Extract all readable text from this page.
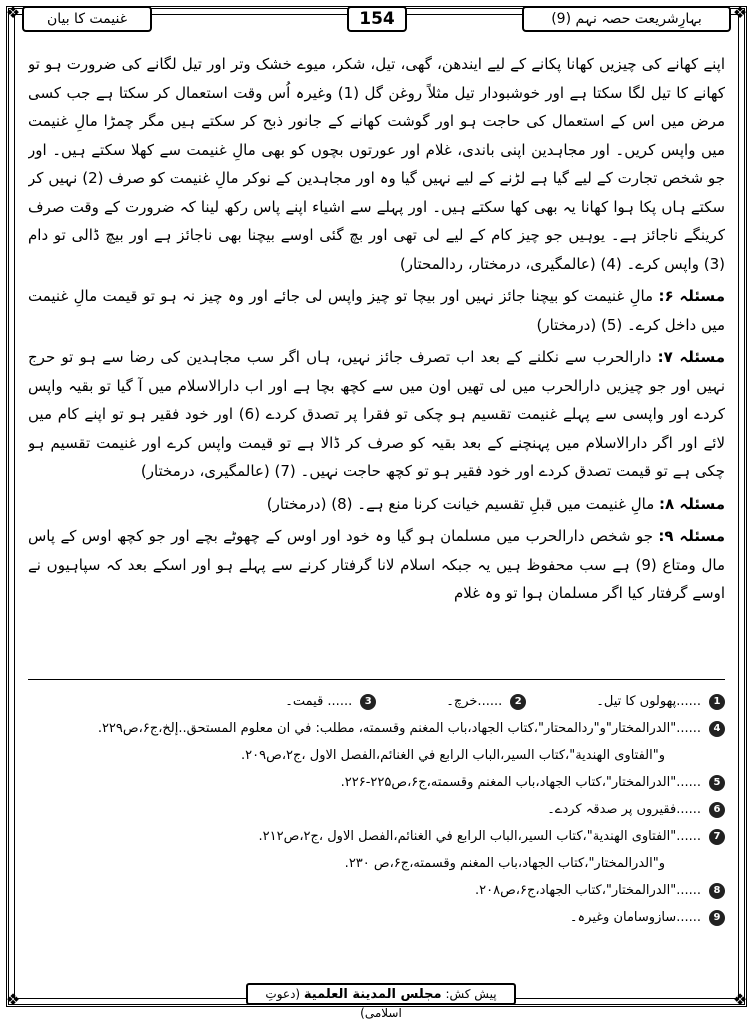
❖	❖
❖	❖
بہارِشریعت حصہ نہم (9)
154
غنیمت کا بیان

اپنے کھانے کی چیزیں کھانا پکانے کے لیے ایندھن، گھی، تیل، شکر، میوے خشک وتر اور تیل لگانے کی ضرورت ہو تو کھانے کا تیل لگا سکتا ہے اور خوشبودار تیل مثلاً روغن گل (1) وغیرہ اُس وقت استعمال کر سکتا ہے جب کسی مرض میں اس کے استعمال کی حاجت ہو اور گوشت کھانے کے جانور ذبح کر سکتے ہیں مگر چمڑا مالِ غنیمت میں واپس کریں۔ اور مجاہدین اپنی باندی، غلام اور عورتوں بچوں کو بھی مالِ غنیمت سے کھلا سکتے ہیں۔ اور جو شخص تجارت کے لیے گیا ہے لڑنے کے لیے نہیں گیا وہ اور مجاہدین کے نوکر مالِ غنیمت کو صرف (2) نہیں کر سکتے ہاں پکا ہوا کھانا یہ بھی کھا سکتے ہیں۔ اور پہلے سے اشیاء اپنے پاس رکھ لینا کہ ضرورت کے وقت صرف کرینگے ناجائز ہے۔ یوہیں جو چیز کام کے لیے لی تھی اور بچ گئی اوسے بیچنا بھی ناجائز ہے اور بیچ ڈالی تو دام (3) واپس کرے۔ (4) (عالمگیری، درمختار، ردالمحتار)

مسئلہ ۶: مالِ غنیمت کو بیچنا جائز نہیں اور بیچا تو چیز واپس لی جائے اور وہ چیز نہ ہو تو قیمت مالِ غنیمت میں داخل کرے۔ (5) (درمختار)

مسئلہ ۷: دارالحرب سے نکلنے کے بعد اب تصرف جائز نہیں، ہاں اگر سب مجاہدین کی رضا سے ہو تو حرج نہیں اور جو چیزیں دارالحرب میں لی تھیں اون میں سے کچھ بچا ہے اور اب دارالاسلام میں آ گیا تو بقیہ واپس کردے اور واپسی سے پہلے غنیمت تقسیم ہو چکی تو فقرا پر تصدق کردے (6) اور خود فقیر ہو تو اپنے کام میں لائے اور اگر دارالاسلام میں پہنچنے کے بعد بقیہ کو صرف کر ڈالا ہے تو قیمت واپس کرے اور غنیمت تقسیم ہو چکی ہے تو قیمت تصدق کردے اور خود فقیر ہو تو کچھ حاجت نہیں۔ (7) (عالمگیری، درمختار)

مسئلہ ۸: مالِ غنیمت میں قبلِ تقسیم خیانت کرنا منع ہے۔ (8) (درمختار)

مسئلہ ۹: جو شخص دارالحرب میں مسلمان ہو گیا وہ خود اور اوس کے چھوٹے بچے اور جو کچھ اوس کے پاس مال ومتاع (9) ہے سب محفوظ ہیں یہ جبکہ اسلام لانا گرفتار کرنے سے پہلے ہو اور اسکے بعد کہ سپاہیوں نے اوسے گرفتار کیا اگر مسلمان ہوا تو وہ غلام

1
......پھولوں کا تیل۔
2
......خرچ۔
3
...... قیمت۔
4
......"الدرالمختار"و"ردالمحتار"،کتاب الجهاد،باب المغنم وقسمته، مطلب: في ان معلوم المستحق..إلخ،ج۶،ص۲۲۹.
و"الفتاوى الهندية"،كتاب السير،الباب الرابع في الغنائم،الفصل الاول ،ج۲،ص۲۰۹.
5
......"الدرالمختار"،كتاب الجهاد،باب المغنم وقسمته،ج۶،ص۲۲۵-۲۲۶.
6
......فقیروں پر صدقہ کردے۔
7
......"الفتاوى الهندية"،كتاب السير،الباب الرابع في الغنائم،الفصل الاول ،ج۲،ص۲۱۲.
و"الدرالمختار"،كتاب الجهاد،باب المغنم وقسمته،ج۶،ص ۲۳۰.
8
......"الدرالمختار"،كتاب الجهاد،ج۶،ص۲۰۸.
9
......سازوسامان وغیرہ۔
پیش کش: مجلس المدينة العلمية (دعوتِ اسلامی)
